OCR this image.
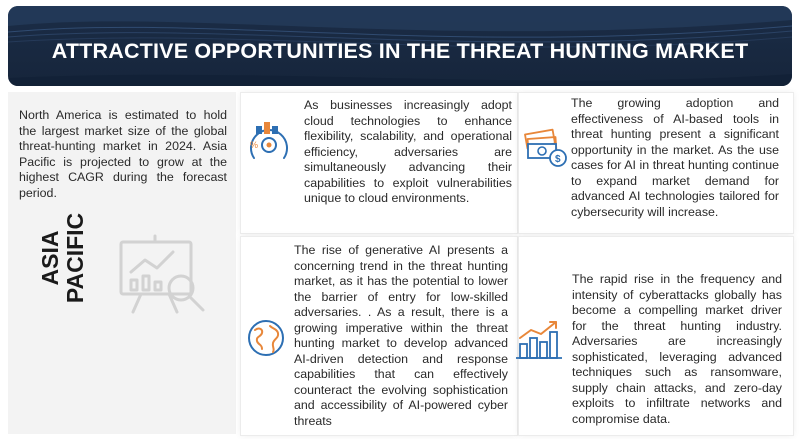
ATTRACTIVE OPPORTUNITIES IN THE THREAT HUNTING MARKET
North America is estimated to hold the largest market size of the global threat-hunting market in 2024. Asia Pacific is projected to grow at the highest CAGR during the forecast period.
ASIA PACIFIC
%
As businesses increasingly adopt cloud technologies to enhance flexibility, scalability, and operational efficiency, adversaries are simultaneously advancing their capabilities to exploit vulnerabilities unique to cloud environments.
$
The growing adoption and effectiveness of AI-based tools in threat hunting present a significant opportunity in the market. As the use cases for AI in threat hunting continue to expand market demand for advanced AI technologies tailored for cybersecurity will increase.
The rise of generative AI presents a concerning trend in the threat hunting market, as it has the potential to lower the barrier of entry for low-skilled adversaries. . As a result, there is a growing imperative within the threat hunting market to develop advanced AI-driven detection and response capabilities that can effectively counteract the evolving sophistication and accessibility of AI-powered cyber threats
The rapid rise in the frequency and intensity of cyberattacks globally has become a compelling market driver for the threat hunting industry. Adversaries are increasingly sophisticated, leveraging advanced techniques such as ransomware, supply chain attacks, and zero-day exploits to infiltrate networks and compromise data.
